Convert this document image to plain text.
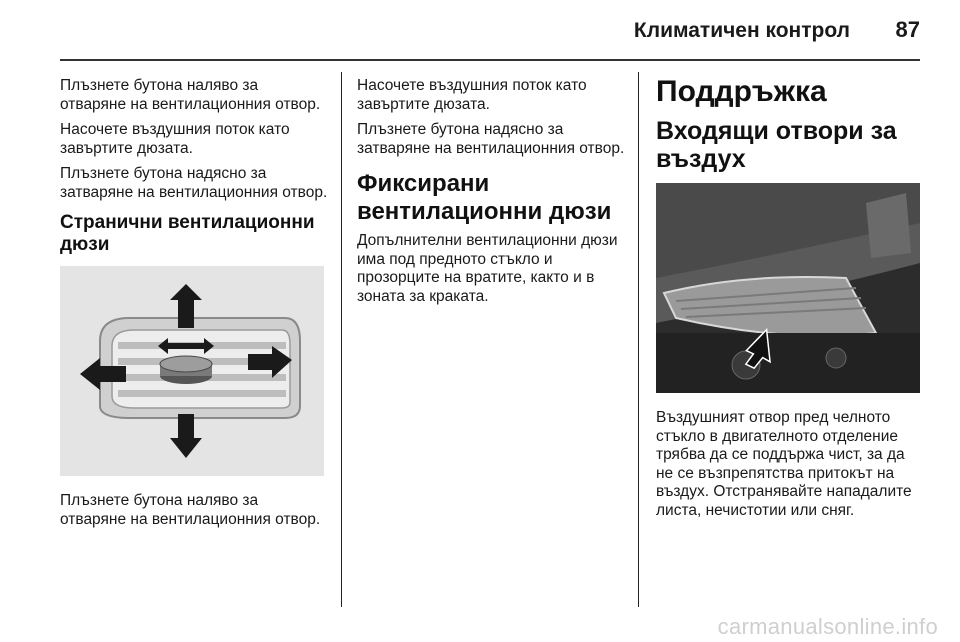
Климатичен контрол	87

Плъзнете бутона наляво за отваряне на вентилационния отвор.

Насочете въздушния поток като завъртите дюзата.

Плъзнете бутона надясно за затваряне на вентилационния отвор.

Странични вентилационни дюзи

Плъзнете бутона наляво за отваряне на вентилационния отвор.

Насочете въздушния поток като завъртите дюзата.

Плъзнете бутона надясно за затваряне на вентилационния отвор.

Фиксирани вентилационни дюзи

Допълнителни вентилационни дюзи има под предното стъкло и прозорците на вратите, както и в зоната за краката.

Поддръжка
Входящи отвори за въздух

Въздушният отвор пред челното стъкло в двигателното отделение трябва да се поддържа чист, за да не се възпрепятства притокът на въздух. Отстранявайте нападалите листа, нечистотии или сняг.

carmanualsonline.info
